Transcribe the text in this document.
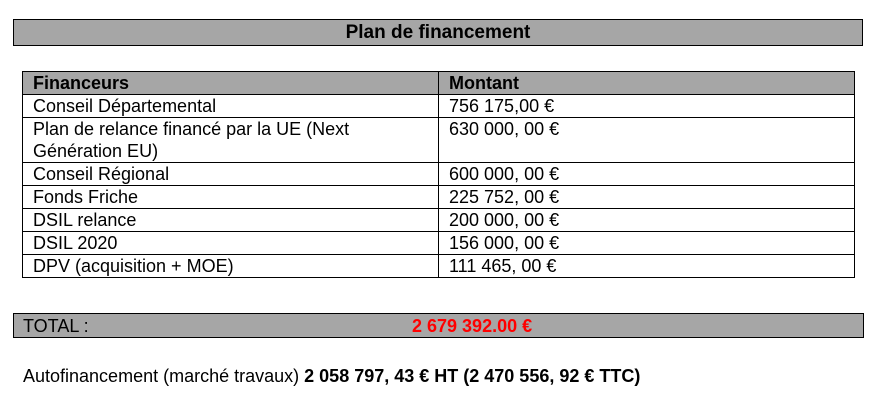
Plan de financement
Financeurs	Montant
Conseil Départemental	756 175,00 €
Plan de relance financé par la UE (Next Génération EU)	630 000, 00 €
Conseil Régional	600 000, 00 €
Fonds Friche	225 752, 00 €
DSIL relance	200 000, 00 €
DSIL 2020	156 000, 00 €
DPV (acquisition + MOE)	111 465, 00 €
TOTAL :	2 679 392.00 €
Autofinancement (marché travaux) 2 058 797, 43 € HT (2 470 556, 92 € TTC)
